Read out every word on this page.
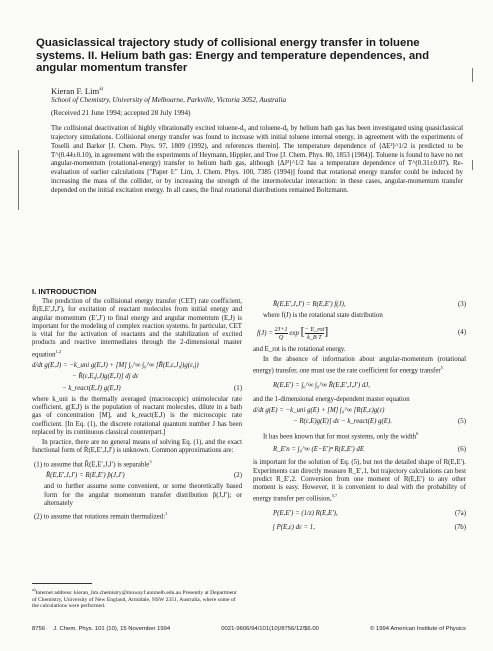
Quasiclassical trajectory study of collisional energy transfer in toluene systems. II. Helium bath gas: Energy and temperature dependences, and angular momentum transfer
Kieran F. Lim$^{a)}$
School of Chemistry, University of Melbourne, Parkville, Victoria 3052, Australia
(Received 21 June 1994; accepted 28 July 1994)

The collisional deactivation of highly vibrationally excited toluene-d₀ and toluene-d₈ by helium bath gas has been investigated using quasiclassical trajectory simulations. Collisional energy transfer was found to increase with initial toluene internal energy, in agreement with the experiments of Toselli and Barker [J. Chem. Phys. 97, 1809 (1992), and references therein]. The temperature dependence of ⟨ΔE²⟩^1/2 is predicted to be T^(0.44±0.10), in agreement with the experiments of Heymann, Hippler, and Troe [J. Chem. Phys. 80, 1853 (1984)]. Toluene is found to have no net angular-momentum (rotational-energy) transfer to helium bath gas, although ⟨ΔJ²⟩^1/2 has a temperature dependence of T^(0.31±0.07). Re-evaluation of earlier calculations ["Paper I:" Lim, J. Chem. Phys. 100, 7385 (1994)] found that rotational energy transfer could be induced by increasing the mass of the collider, or by increasing the strength of the intermolecular interaction: in these cases, angular-momentum transfer depended on the initial excitation energy. In all cases, the final rotational distributions remained Boltzmann.

I. INTRODUCTION

The prediction of the collisional energy transfer (CET) rate coefficient, R̂(E,E′,J,J′), for excitation of reactant molecules from initial energy and angular momentum (E′,J′) to final energy and angular momentum (E,J) is important for the modeling of complex reaction systems. In particular, CET is vital for the activation of reactants and the stabilization of excited products and reactive intermediates through the 2-dimensional master equation$^{1,2}$

d/dt g(E,J) = −k_uni g(E,J) + [M] ∫₀^∞ ∫₀^∞ [R̂(E,ε,J,j)g(ε,j)
− R̂(ε,E,j,J)g(E,J)] dj dε
− k_react(E,J) g(E,J)	(1)

where k_uni is the thermally averaged (macroscopic) unimolecular rate coefficient, g(E,J) is the population of reactant molecules, dilute in a bath gas of concentration [M], and k_react(E,J) is the microscopic rate coefficient. [In Eq. (1), the discrete rotational quantum number J has been replaced by its continuous classical counterpart.]

In practice, there are no general means of solving Eq. (1), and the exact functional form of R̂(E,E′,J,J′) is unknown. Common approximations are:

(1) to assume that R̂(E,E′,J,J′) is separable$^3$

R̂(E,E′,J,J′) = R(E,E′) p̂(J,J′)	(2)

and to further assume some convenient, or some theoretically based form for the angular momentum transfer distribution p̂(J,J′); or alternately

(2) to assume that rotations remain thermalized:$^1$

$^{a)}$Internet address: kieran_lim.chemistry@muwayf.unimelb.edu.au Presently at Department of Chemistry, University of New England, Armidale, NSW 2351, Australia, where some of the calculations were performed.

R̂(E,E′,J,J′) = R(E,E′) f(J),	(3)

where f(J) is the rotational state distribution

$f(J) = \frac{2J+1}{Q}$ exp [ − E_rot
k_B T ]	(4)

and E_rot is the rotational energy.

In the absence of information about angular-momentum (rotational energy) transfer, one must use the rate coefficient for energy transfer$^5$

R(E,E′) = ∫₀^∞ ∫₀^∞ R̂(E,E′,J,J′) dJ,

and the 1-dimensional energy-dependent master equation

d/dt g(E) = −k_uni g(E) + [M] ∫₀^∞ [R(E,ε)g(ε)
− R(ε,E)g(E)] dε − k_react(E) g(E).	(5)

It has been known that for most systems, only the width$^6$

R_E′n = ∫₀^∞ (E−E′)ⁿ R(E,E′) dE	(6)

is important for the solution of Eq. (5), but not the detailed shape of R(E,E′). Experiments can directly measure R_E′,1, but trajectory calculations can best predict R_E′,2. Conversion from one moment of R(E,E′) to any other moment is easy. However, it is convenient to deal with the probability of energy transfer per collision,$^{5,7}$

P(E,E′) = (1/z) R(E,E′),	(7a)
∫ P(E,ε) dε = 1,	(7b)
8756 J. Chem. Phys. 101 (10), 15 November 1994	0021-9606/94/101(10)/8756/12/$6.00	© 1994 American Institute of Physics
